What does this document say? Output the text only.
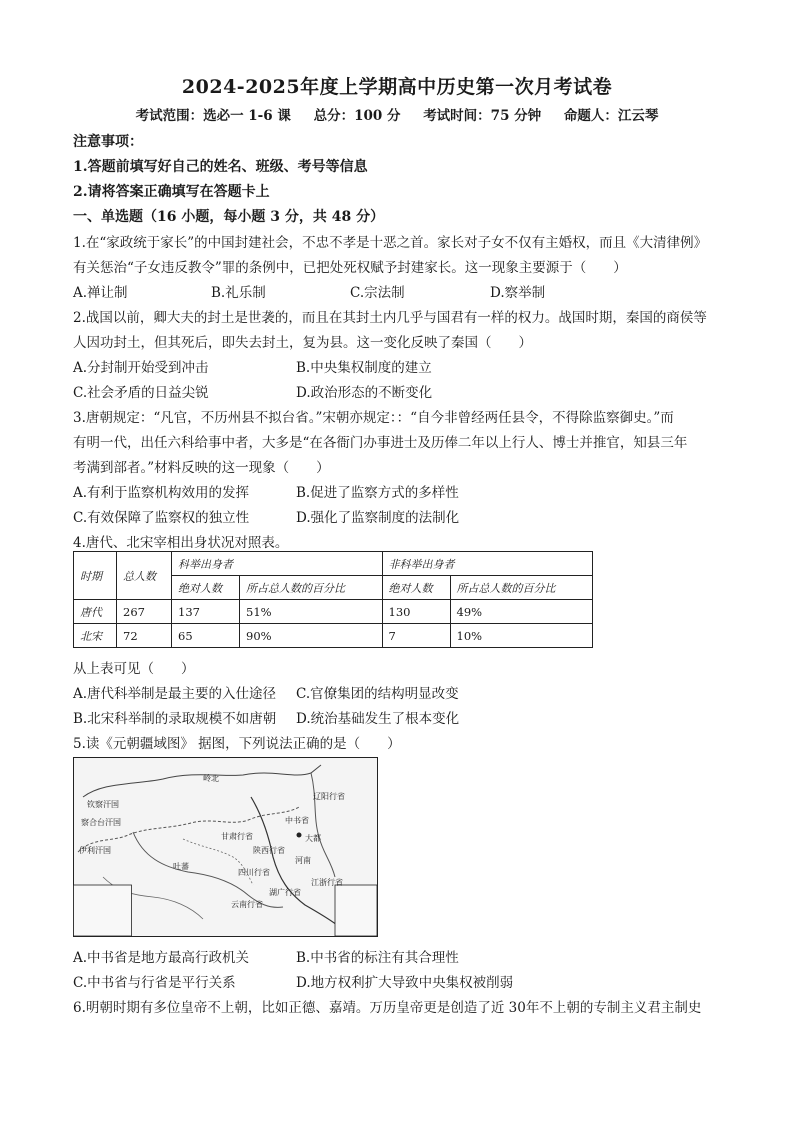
2024-2025年度上学期高中历史第一次月考试卷
考试范围：选必一 1-6 课 总分：100 分 考试时间：75 分钟 命题人：江云琴
注意事项：
1.答题前填写好自己的姓名、班级、考号等信息
2.请将答案正确填写在答题卡上
一、单选题（16 小题，每小题 3 分，共 48 分）
1.在“家政统于家长”的中国封建社会，不忠不孝是十恶之首。家长对子女不仅有主婚权，而且《大清律例》
有关惩治“子女违反教令”罪的条例中，已把处死权赋予封建家长。这一现象主要源于（　　）
A.禅让制	B.礼乐制	C.宗法制	D.察举制
2.战国以前，卿大夫的封土是世袭的，而且在其封土内几乎与国君有一样的权力。战国时期，秦国的商侯等
人因功封土，但其死后，即失去封土，复为县。这一变化反映了秦国（　　）
A.分封制开始受到冲击	B.中央集权制度的建立
C.社会矛盾的日益尖锐	D.政治形态的不断变化
3.唐朝规定：“凡官，不历州县不拟台省。”宋朝亦规定：：“自今非曾经两任县令，不得除监察御史。”而
有明一代，出任六科给事中者，大多是“在各衙门办事进士及历俸二年以上行人、博士并推官，知县三年
考满到部者。”材料反映的这一现象（　　）
A.有利于监察机构效用的发挥	B.促进了监察方式的多样性
C.有效保障了监察权的独立性	D.强化了监察制度的法制化
4.唐代、北宋宰相出身状况对照表。
时期	总人数	科举出身者		非科举出身者	
		绝对人数	所占总人数的百分比	绝对人数	所占总人数的百分比
唐代	267	137	51%	130	49%
北宋	72	65	90%	7	10%
从上表可见（　　）
A.唐代科举制是最主要的入仕途径 C.官僚集团的结构明显改变
B.北宋科举制的录取规模不如唐朝 D.统治基础发生了根本变化
5.读《元朝疆域图》 据图，下列说法正确的是（　　）
岭北
钦察汗国
察合台汗国
伊利汗国
甘肃行省
陕西行省
吐蕃
四川行省
云南行省
中书省
辽阳行省
河南
江浙行省
湖广行省
大都
A.中书省是地方最高行政机关	B.中书省的标注有其合理性
C.中书省与行省是平行关系	D.地方权利扩大导致中央集权被削弱
6.明朝时期有多位皇帝不上朝，比如正德、嘉靖。万历皇帝更是创造了近 30年不上朝的专制主义君主制史
